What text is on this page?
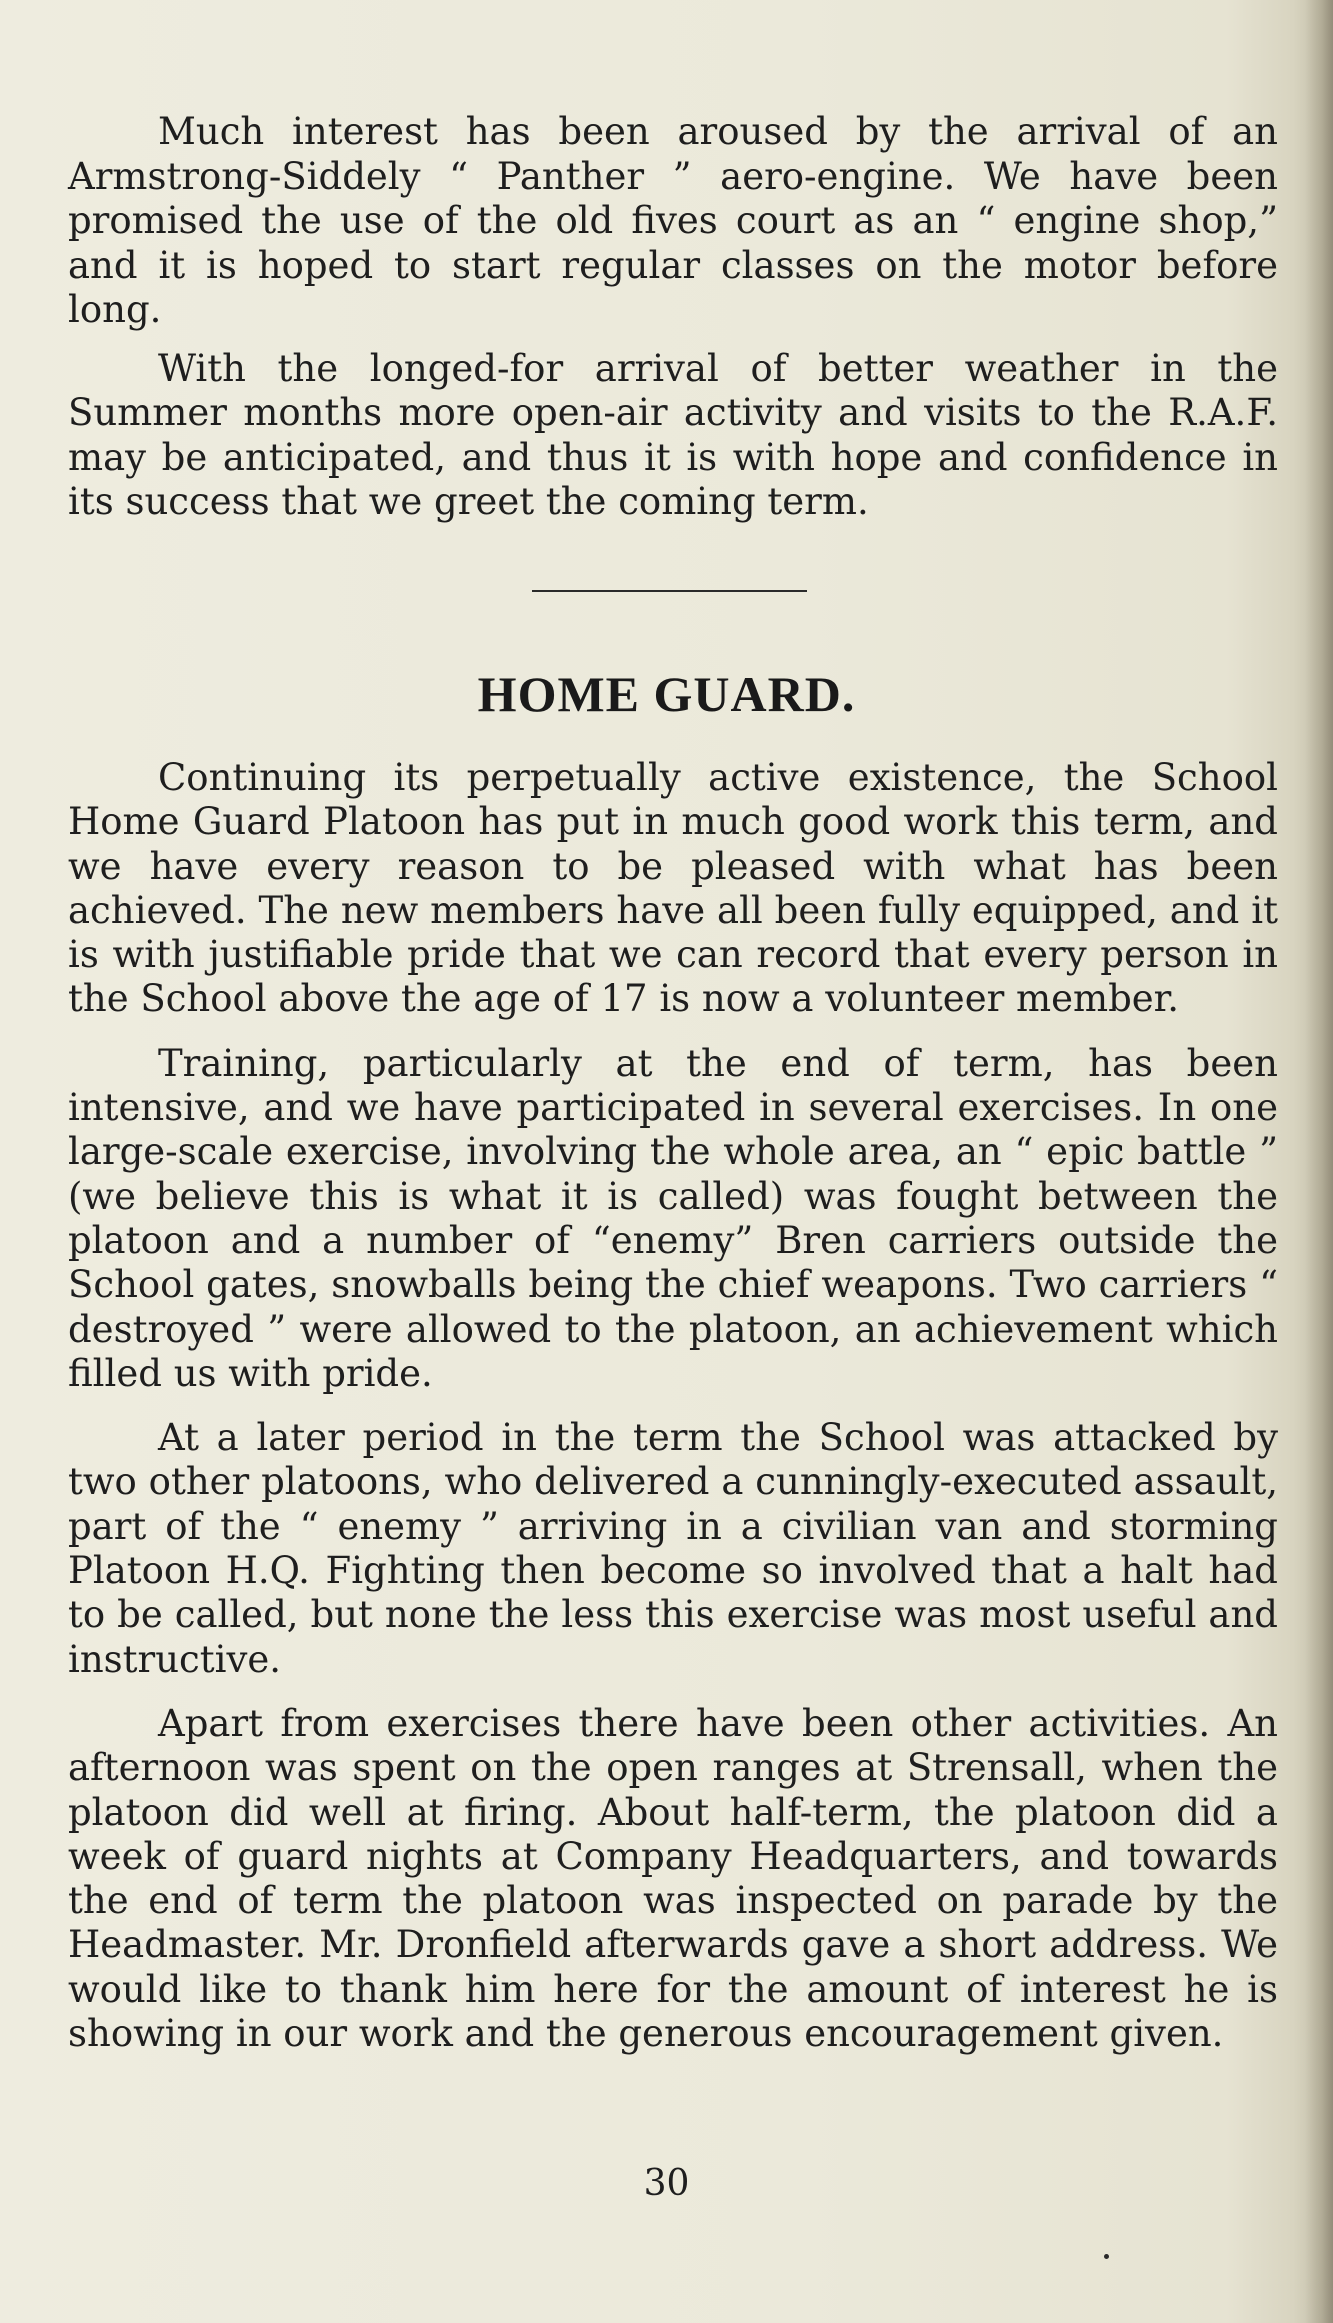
Much interest has been aroused by the arrival of an Armstrong-Siddely “ Panther ” aero-engine. We have been promised the use of the old fives court as an “ engine shop,” and it is hoped to start regular classes on the motor before long.

With the longed-for arrival of better weather in the Summer months more open-air activity and visits to the R.A.F. may be anticipated, and thus it is with hope and confidence in its success that we greet the coming term.

HOME GUARD.

Continuing its perpetually active existence, the School Home Guard Platoon has put in much good work this term, and we have every reason to be pleased with what has been achieved. The new members have all been fully equipped, and it is with justifiable pride that we can record that every person in the School above the age of 17 is now a volunteer member.

Training, particularly at the end of term, has been intensive, and we have participated in several exercises. In one large-scale exercise, involving the whole area, an “ epic battle ” (we believe this is what it is called) was fought between the platoon and a number of “enemy” Bren carriers outside the School gates, snowballs being the chief weapons. Two carriers “ destroyed ” were allowed to the platoon, an achievement which filled us with pride.

At a later period in the term the School was attacked by two other platoons, who delivered a cunningly-executed assault, part of the “ enemy ” arriving in a civilian van and storming Platoon H.Q. Fighting then become so involved that a halt had to be called, but none the less this exercise was most useful and instructive.

Apart from exercises there have been other activities. An afternoon was spent on the open ranges at Strensall, when the platoon did well at firing. About half-term, the platoon did a week of guard nights at Company Headquarters, and towards the end of term the platoon was inspected on parade by the Headmaster. Mr. Dronfield afterwards gave a short address. We would like to thank him here for the amount of interest he is showing in our work and the generous encouragement given.

30
